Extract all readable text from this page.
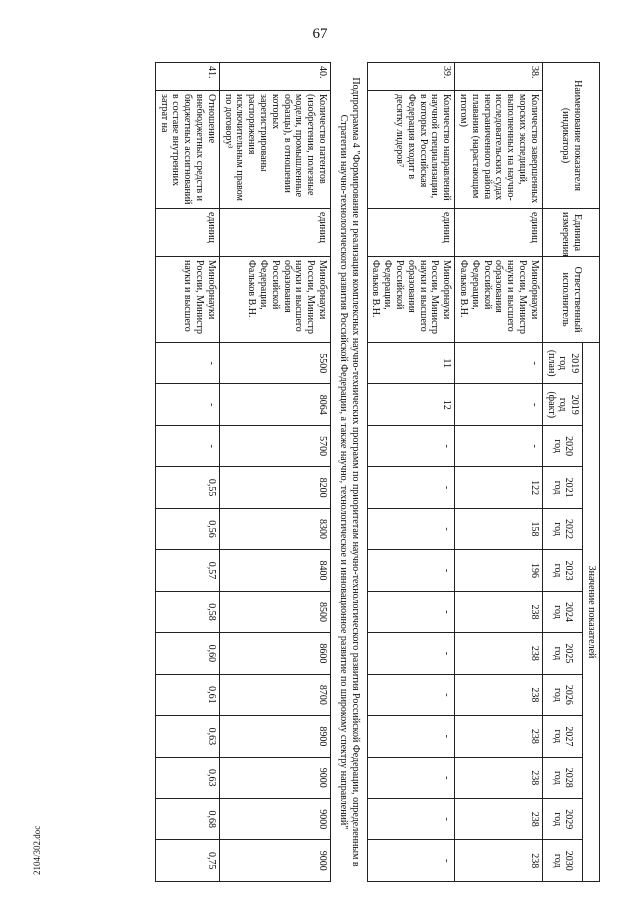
67
Наименование показателя (индикатора)		Единица измерения	Ответственный исполнитель	Значение показателей												
				2019 год (план)	2019 год (факт)	2020 год	2021 год	2022 год	2023 год	2024 год	2025 год	2026 год	2027 год	2028 год	2029 год	2030 год
38.	Количество завершенных морских экспедиций, выполненных на научно-исследовательских судах неограниченного района плавания (нарастающим итогом)	единиц	Минобрнауки России, Министр науки и высшего образования Российской Федерации, Фальков В.Н.	-	-	-	122	158	196	238	238	238	238	238	238	238
39.	Количество направлений научной специализации, в которых Российская Федерация входит в десятку лидеров⁷	единиц	Минобрнауки России, Министр науки и высшего образования Российской Федерации, Фальков В.Н.	11	12	-	-	-	-	-	-	-	-	-	-	-
Подпрограмма 4 "Формирование и реализация комплексных научно-технических программ по приоритетам научно-технологического развития Российской Федерации, определенным в Стратегии научно-технологического развития Российской Федерации, а также научно, технологическое и инновационное развитие по широкому спектру направлений"																
40.	Количество патентов (изобретения, полезные модели, промышленные образцы), в отношении которых зарегистрированы распоряжения исключительным правом по договору³	единиц	Минобрнауки России, Министр науки и высшего образования Российской Федерации, Фальков В.Н.	5500	8064	5700	8200	8300	8400	8500	8600	8700	8900	9000	9000	9000
41.	Отношение внебюджетных средств и бюджетных ассигнований в составе внутренних затрат на	единиц	Минобрнауки России, Министр науки и высшего	-	-	-	0,55	0,56	0,57	0,58	0,60	0,61	0,63	0,63	0,68	0,75
2104/302.doc
